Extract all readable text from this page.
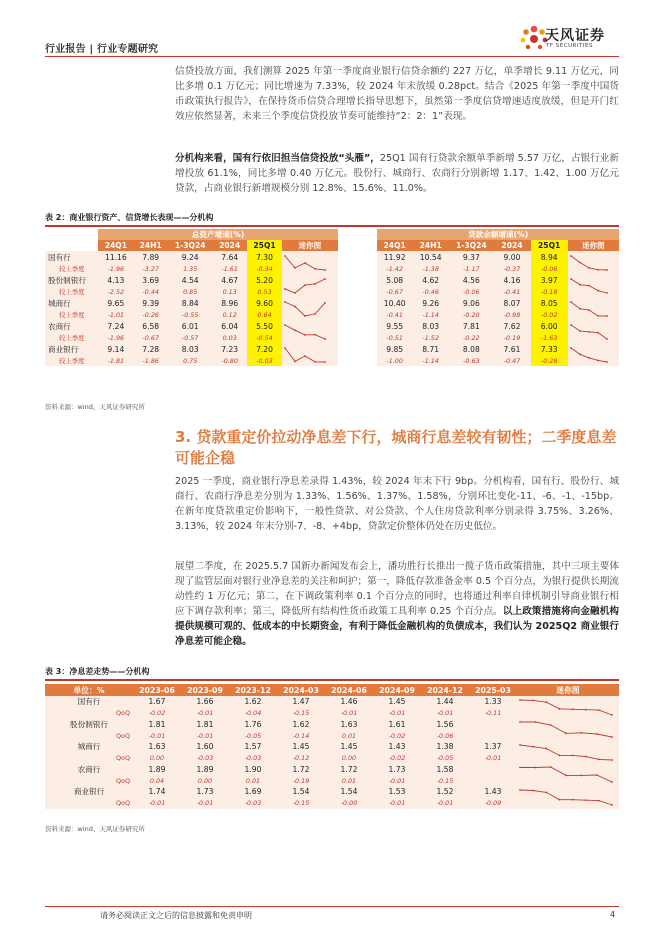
行业报告 | 行业专题研究
天风证券
TF SECURITIES

信贷投放方面，我们测算 2025 年第一季度商业银行信贷余额约 227 万亿，单季增长 9.11 万亿元，同比多增 0.1 万亿元；同比增速为 7.33%，较 2024 年末放缓 0.28pct。结合《2025 年第一季度中国货币政策执行报告》，在保持货币信贷合理增长指导思想下，虽然第一季度信贷增速适度放缓，但是开门红效应依然显著，未来三个季度信贷投放节奏可能维持“2：2：1”表现。

分机构来看，国有行依旧担当信贷投放“头雁”，25Q1 国有行贷款余额单季新增 5.57 万亿，占银行业新增投放 61.1%，同比多增 0.40 万亿元。股份行、城商行、农商行分别新增 1.17、1.42、1.00 万亿元贷款，占商业银行新增规模分别 12.8%、15.6%、11.0%。

表 2：商业银行资产、信贷增长表现——分机构
	总资产增速(%)							贷款余额增速(%)					
	24Q1	24H1	1-3Q24	2024	25Q1	迷你图		24Q1	24H1	1-3Q24	2024	25Q1	迷你图
国有行	11.16	7.89	9.24	7.64	7.30			11.92	10.54	9.37	9.00	8.94	

较上季度	-1.96	-3.27	1.35	-1.61	-0.34			-1.42	-1.38	-1.17	-0.37	-0.06	
股份制银行	4.13	3.69	4.54	4.67	5.20			5.08	4.62	4.56	4.16	3.97	

较上季度	-2.52	-0.44	0.85	0.13	0.53			-0.67	-0.46	-0.06	-0.41	-0.18	
城商行	9.65	9.39	8.84	8.96	9.60			10.40	9.26	9.06	8.07	8.05	

较上季度	-1.01	-0.26	-0.55	0.12	0.64			-0.41	-1.14	-0.20	-0.98	-0.02	
农商行	7.24	6.58	6.01	6.04	5.50			9.55	8.03	7.81	7.62	6.00	

较上季度	-1.96	-0.67	-0.57	0.03	-0.54			-0.51	-1.52	-0.22	-0.19	-1.63	
商业银行	9.14	7.28	8.03	7.23	7.20			9.85	8.71	8.08	7.61	7.33	

较上季度	-1.81	-1.86	0.75	-0.80	-0.03			-1.00	-1.14	-0.63	-0.47	-0.28	
资料来源：wind、天风证券研究所
3. 贷款重定价拉动净息差下行，城商行息差较有韧性；二季度息差可能企稳

2025 一季度，商业银行净息差录得 1.43%，较 2024 年末下行 9bp。分机构看，国有行、股份行、城商行、农商行净息差分别为 1.33%、1.56%、1.37%、1.58%，分别环比变化-11、-6、-1、-15bp。在新年度贷款重定价影响下，一般性贷款、对公贷款、个人住房贷款利率分别录得 3.75%、3.26%、3.13%，较 2024 年末分别-7、-8、+4bp，贷款定价整体仍处在历史低位。

展望二季度，在 2025.5.7 国新办新闻发布会上，潘功胜行长推出一揽子货币政策措施，其中三项主要体现了监管层面对银行业净息差的关注和呵护；第一，降低存款准备金率 0.5 个百分点，为银行提供长期流动性约 1 万亿元；第二，在下调政策利率 0.1 个百分点的同时，也将通过利率自律机制引导商业银行相应下调存款利率；第三，降低所有结构性货币政策工具利率 0.25 个百分点。以上政策措施将向金融机构提供规模可观的、低成本的中长期资金，有利于降低金融机构的负债成本，我们认为 2025Q2 商业银行净息差可能企稳。

表 3：净息差走势——分机构
单位：%	2023-06	2023-09	2023-12	2024-03	2024-06	2024-09	2024-12	2025-03	迷你图
国有行	1.67	1.66	1.62	1.47	1.46	1.45	1.44	1.33	

QoQ	-0.02	-0.01	-0.04	-0.15	-0.01	-0.01	-0.01	-0.11	
股份制银行	1.81	1.81	1.76	1.62	1.63	1.61	1.56		

QoQ	-0.01	-0.01	-0.05	-0.14	0.01	-0.02	-0.06		
城商行	1.63	1.60	1.57	1.45	1.45	1.43	1.38	1.37	

QoQ	0.00	-0.03	-0.03	-0.12	0.00	-0.02	-0.05	-0.01	
农商行	1.89	1.89	1.90	1.72	1.72	1.73	1.58		

QoQ	0.04	0.00	0.01	-0.19	0.01	-0.01	-0.15		
商业银行	1.74	1.73	1.69	1.54	1.54	1.53	1.52	1.43	

QoQ	-0.01	-0.01	-0.03	-0.15	-0.00	-0.01	-0.01	-0.09	
资料来源：wind、天风证券研究所
请务必阅读正文之后的信息披露和免责申明	4
